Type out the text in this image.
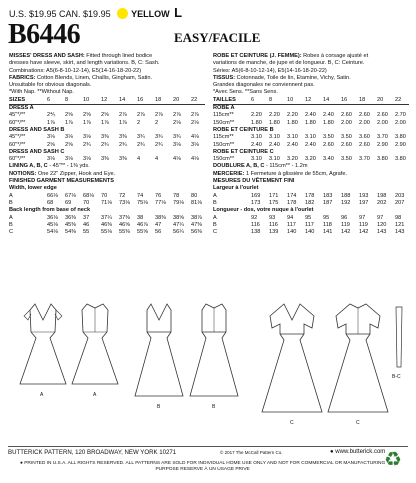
U.S. $19.95 CAN. $19.95 YELLOW L
B6446	EASY/FACILE
MISSES' DRESS AND SASH: Fitted through lined bodice
dresses have sleeve, skirt, and length variations. B, C: Sash.
Combinations: A5(6-8-10-12-14), E5(14-16-18-20-22)
FABRICS: Cotton Blends, Linen, Challis, Gingham, Satin.
Unsuitable for obvious diagonals.
*With Nap. **Without Nap.
SIZES	6	8	10 12 14 16 18 20 22
DRESS A
45"*/**	2⅘ 2⅝ 2⅝ 2⅝ 2⅞ 2⅞ 2⅞ 2⅞ 2⅞
60"*/**	1⅞ 1⅞ 1⅞ 1⅞ 1⅞ 2	2	2⅛ 2⅛
DRESS AND SASH B
45"*/**	3⅛ 3⅛ 3⅛ 3⅜ 3⅜ 3¾ 3¾ 3¾ 4⅛
60"*/**	2⅝ 2⅝ 2¾ 2¾ 2¾ 2¾ 2¾ 3⅛ 3⅛
DRESS AND SASH C
60"*/**	3⅛ 3⅛ 3⅛ 3⅜ 3⅜ 4	4	4⅛ 4⅛
LINING A, B, C - 45"** - 1⅜ yds.
NOTIONS: One 22" Zipper, Hook and Eye.
FINISHED GARMENT MEASUREMENTS
Width, lower edge
A	66⅛ 67⅛ 68⅛ 70 72 74 76 78 80
B	68 69 70 71⅛ 73⅛ 75⅛ 77⅛ 79⅛ 81⅛
Back length from base of neck
A	36⅛ 36⅜ 37 37¼ 37⅜ 38 38⅜ 38⅝ 38⅞
B	45⅛ 45⅜ 46 46⅜ 46⅝ 46⅞ 47 47¼ 47⅜
C	54⅛ 54⅜ 55 55⅛ 55⅜ 55⅝ 56 56¼ 56⅜
ROBE ET CEINTURE (J. FEMME): Robes à corsage ajusté et
variations de manche, de jupe et de longueur. B, C: Ceinture.
Séries: A5(6-8-10-12-14), E5(14-16-18-20-22)
TISSUS: Cotonnade, Toile de lin, Etamine, Vichy, Satin.
Grandes diagonales ne conviennent pas.
*Avec Sens. **Sans Sens.
TAILLES	6	8	10 12 14 16 18 20 22
ROBE A
115cm**	2.20 2.20 2.20 2.40 2.40 2.60 2.60 2.60 2.70
150cm**	1.80 1.80 1.80 1.80 1.80 2.00 2.00 2.00 2.00
ROBE ET CEINTURE B
115cm**	3.10 3.10 3.10 3.10 3.50 3.50 3.60 3.70 3.80
150cm**	2.40 2.40 2.40 2.40 2.60 2.60 2.60 2.90 2.90
ROBE ET CEINTURE C
150cm**	3.10 3.10 3.20 3.20 3.40 3.50 3.70 3.80 3.80
DOUBLURE A, B, C - 115cm** - 1.2m
MERCERIE: 1 Fermeture à glissière de 55cm, Agrafe.
MESURES DU VÊTEMENT FINI
Largeur à l'ourlet
A	169 171 174 178 183 188 193 198 203
B	173 175 178 182 187 192 197 202 207
Longueur - dos, votre nuque à l'ourlet
A	92 93 94 95 95 96 97 97 98
B	116 116 117 117 118 119 119 120 121
C	138 139 140 140 141 142 142 143 143
A	A
B	B
C	C
B-C
BUTTERICK PATTERN, 120 BROADWAY, NEW YORK 10271	© 2017 The McCall Pattern Co.	● www.butterick.com
♻
● PRINTED IN U.S.A. ALL RIGHTS RESERVED. ALL PATTERNS ARE SOLD FOR INDIVIDUAL HOME USE ONLY AND NOT FOR COMMERCIAL OR MANUFACTURING
PURPOSE RESERVE À UN USAGE PRIVE
